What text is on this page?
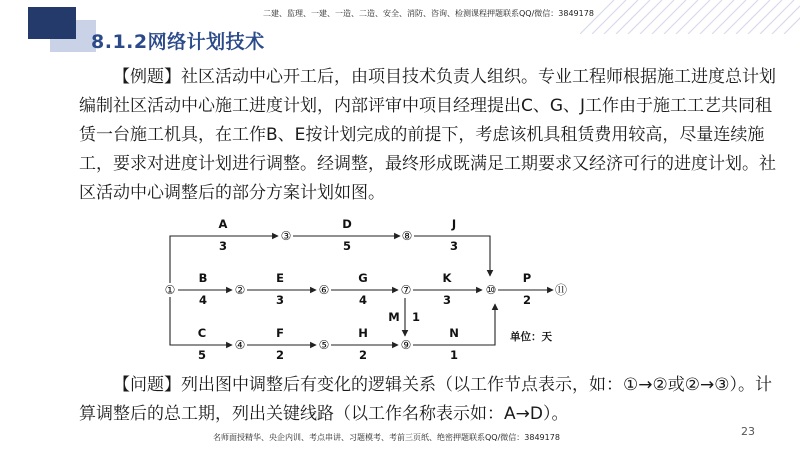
二建、监理、一建、一造、二造、安全、消防、咨询、检测课程押题联系QQ/微信：3849178
8.1.2网络计划技术

【例题】社区活动中心开工后，由项目技术负责人组织。专业工程师根据施工进度总计划编制社区活动中心施工进度计划，内部评审中项目经理提出C、G、J工作由于施工工艺共同租赁一台施工机具，在工作B、E按计划完成的前提下，考虑该机具租赁费用较高，尽量连续施工，要求对进度计划进行调整。经调整，最终形成既满足工期要求又经济可行的进度计划。社区活动中心调整后的部分方案计划如图。

①	②
③
④	⑤
⑥	⑦
⑧
⑨
⑩	⑪
A
3
D
5
J
3
B
4
E
3
G
4
K
3
P
2
C
5
F
2
H
2
N
1
M 1
单位：天

【问题】列出图中调整后有变化的逻辑关系（以工作节点表示，如：①→②或②→③）。计算调整后的总工期，列出关键线路（以工作名称表示如：A→D）。

23
名师面授精华、央企内训、考点串讲、习题模考、考前三页纸、绝密押题联系QQ/微信：3849178
